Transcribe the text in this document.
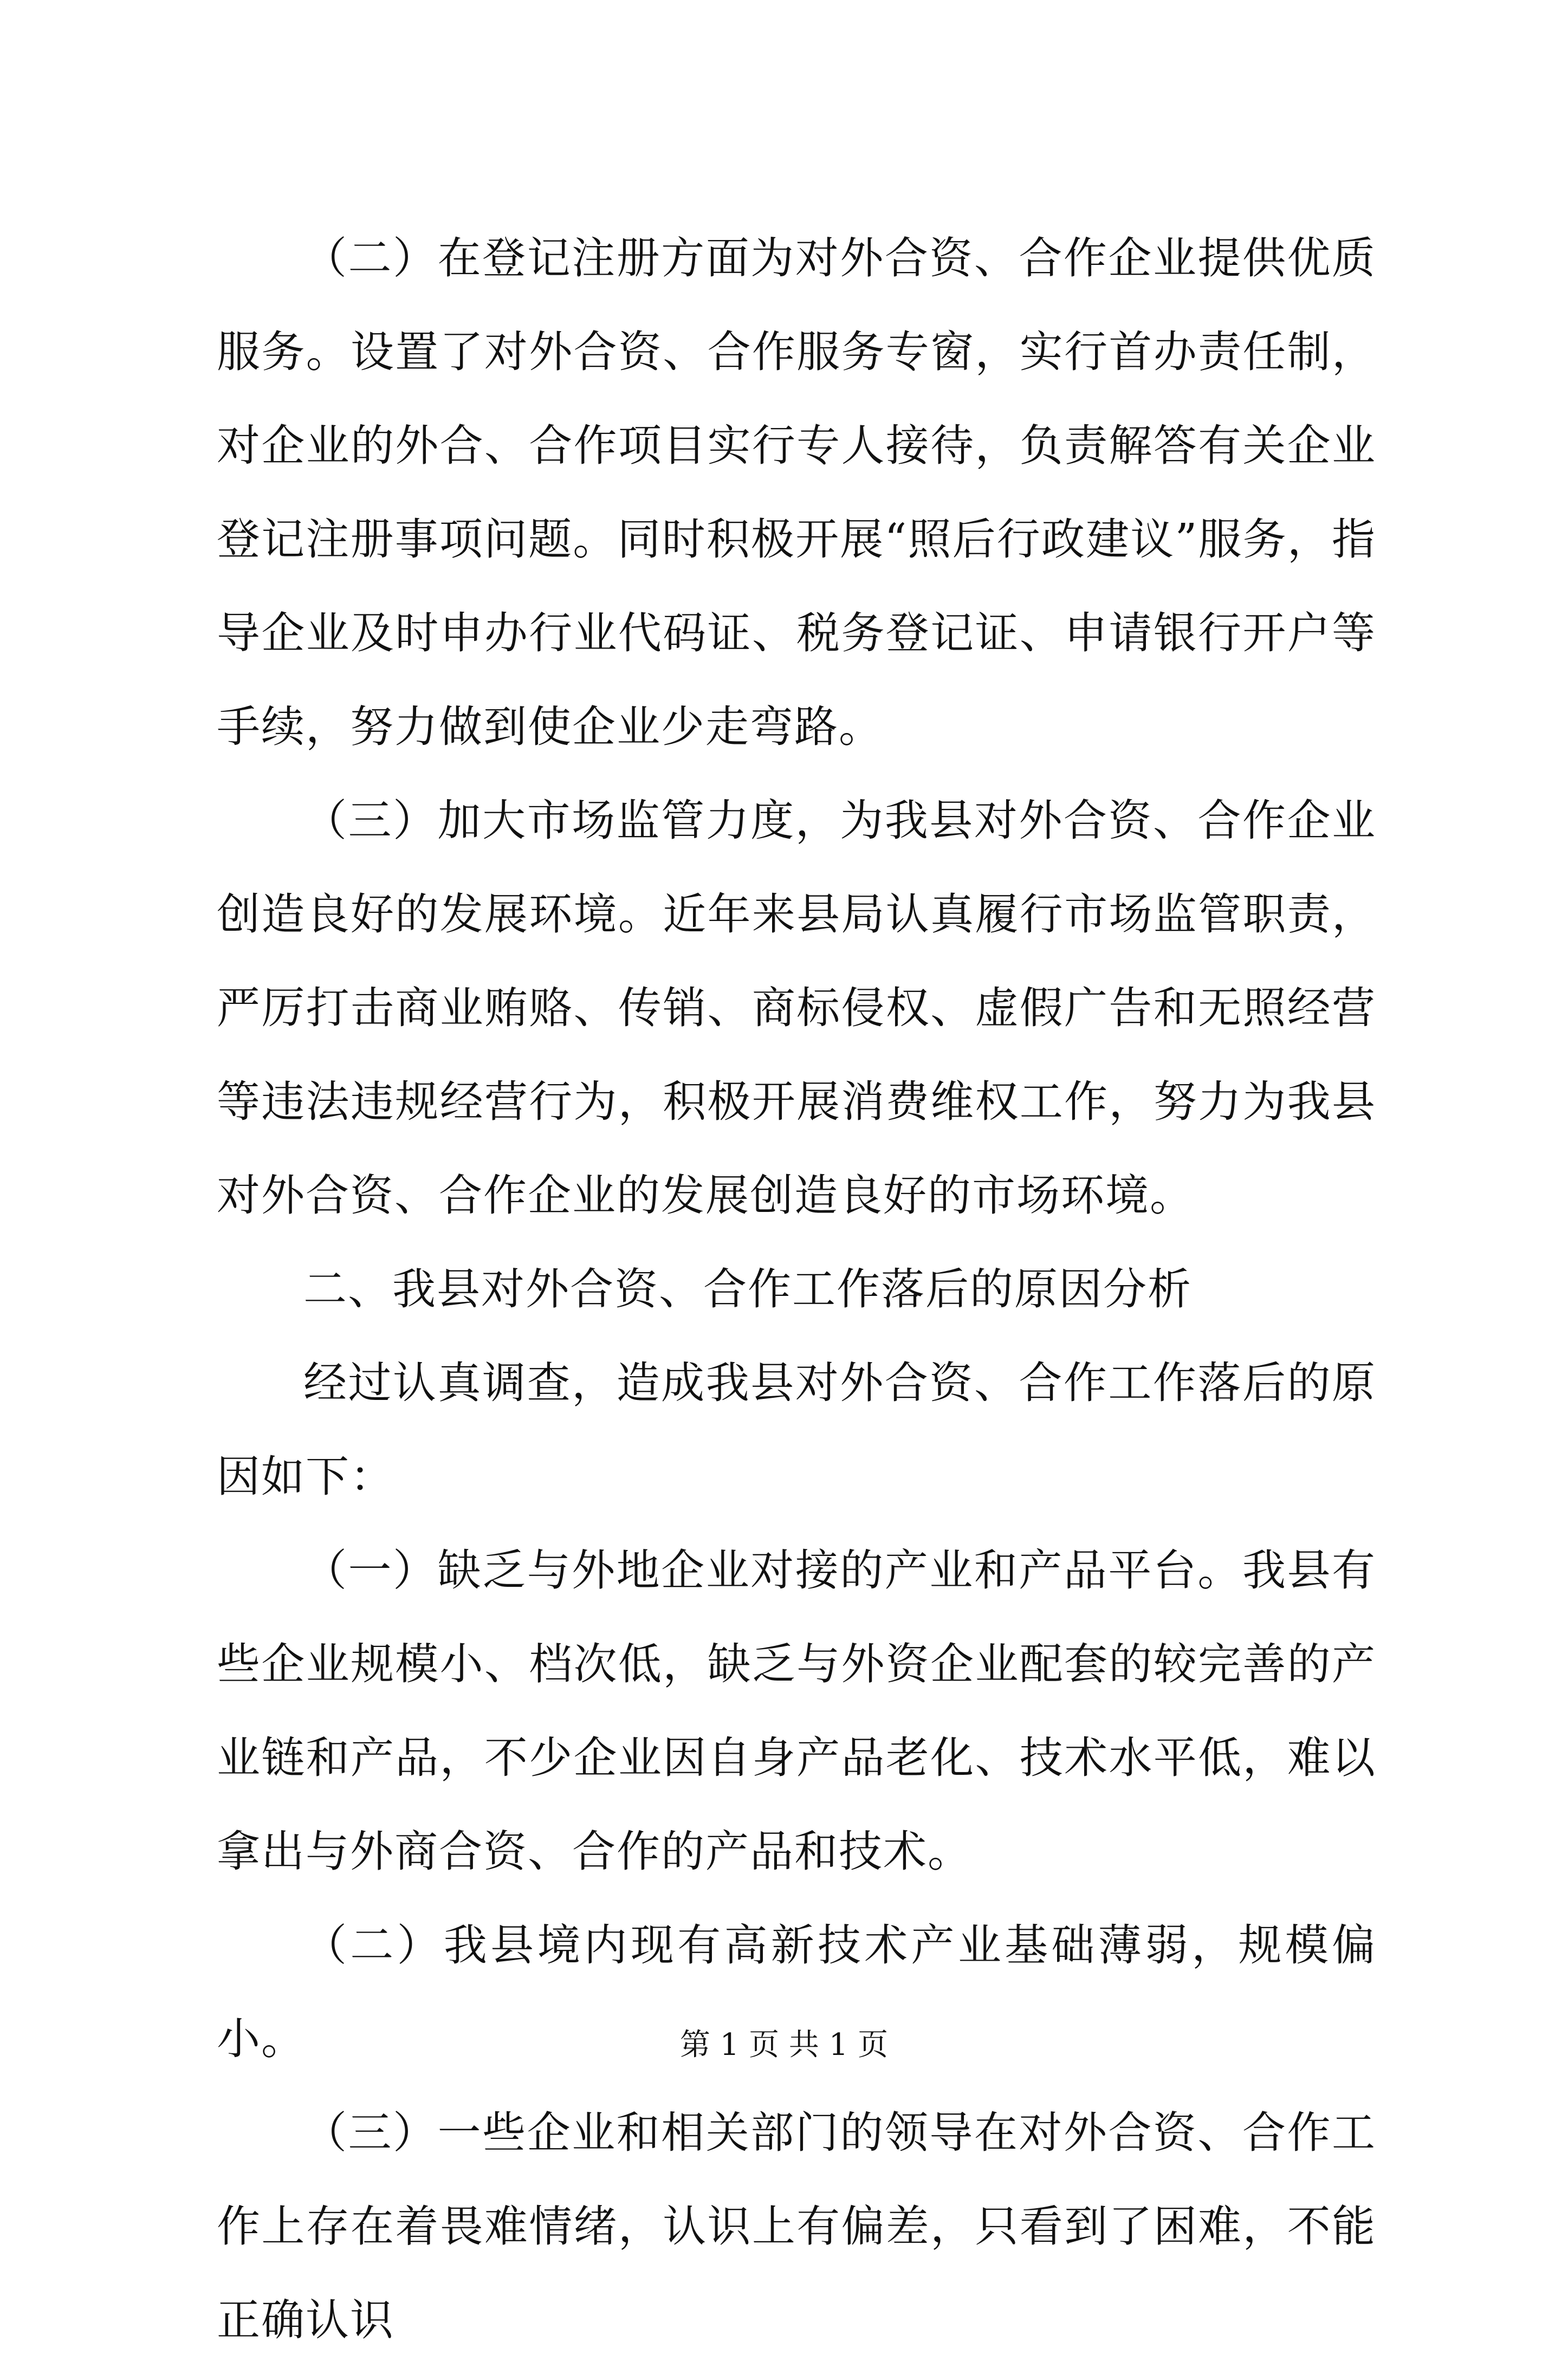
（二）在登记注册方面为对外合资、合作企业提供优质服务。设置了对外合资、合作服务专窗，实行首办责任制，对企业的外合、合作项目实行专人接待，负责解答有关企业登记注册事项问题。同时积极开展“照后行政建议”服务，指导企业及时申办行业代码证、税务登记证、申请银行开户等手续，努力做到使企业少走弯路。

（三）加大市场监管力度，为我县对外合资、合作企业创造良好的发展环境。近年来县局认真履行市场监管职责，严厉打击商业贿赂、传销、商标侵权、虚假广告和无照经营等违法违规经营行为，积极开展消费维权工作，努力为我县对外合资、合作企业的发展创造良好的市场环境。

二、我县对外合资、合作工作落后的原因分析

经过认真调查，造成我县对外合资、合作工作落后的原因如下：

（一）缺乏与外地企业对接的产业和产品平台。我县有些企业规模小、档次低，缺乏与外资企业配套的较完善的产业链和产品，不少企业因自身产品老化、技术水平低，难以拿出与外商合资、合作的产品和技术。

（二）我县境内现有高新技术产业基础薄弱，规模偏小。

（三）一些企业和相关部门的领导在对外合资、合作工作上存在着畏难情绪，认识上有偏差，只看到了困难，不能正确认识

第 1 页 共 1 页
